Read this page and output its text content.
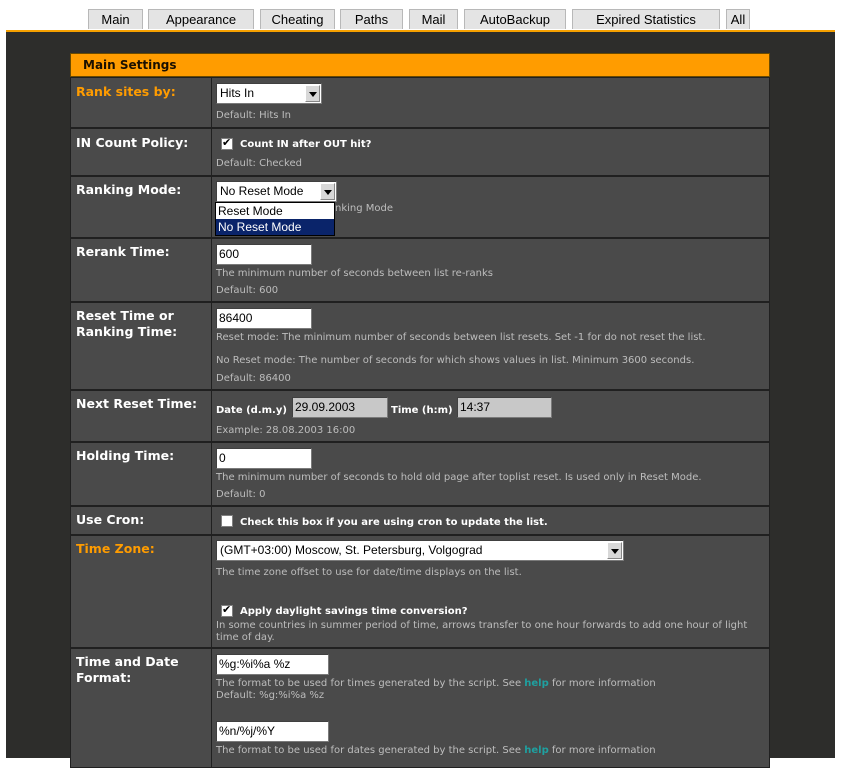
Main	Appearance	Cheating	Paths	Mail	AutoBackup	Expired Statistics	All
Main Settings
Rank sites by:	Hits In
Default: Hits In
IN Count Policy:
✔	Count IN after OUT hit?
Default: Checked
Ranking Mode:	No Reset Mode
nking Mode
Rerank Time:	600
The minimum number of seconds between list re-ranks
Default: 600
Reset Time or
Ranking Time:
86400
Reset mode: The minimum number of seconds between list resets. Set -1 for do not reset the list.
No Reset mode: The number of seconds for which shows values in list. Minimum 3600 seconds.
Default: 86400
Next Reset Time:	Date (d.m.y) 29.09.2003	Time (h:m) 14:37
Example: 28.08.2003 16:00
Holding Time:	0
The minimum number of seconds to hold old page after toplist reset. Is used only in Reset Mode.
Default: 0
Use Cron:	Check this box if you are using cron to update the list.
Time Zone:	(GMT+03:00) Moscow, St. Petersburg, Volgograd
The time zone offset to use for date/time displays on the list.
✔
Apply daylight savings time conversion?
In some countries in summer period of time, arrows transfer to one hour forwards to add one hour of light time of day.
Time and Date
Format:
%g:%i%a %z
The format to be used for times generated by the script. See help for more information
Default: %g:%i%a %z
%n/%j/%Y
The format to be used for dates generated by the script. See help for more information
Reset Mode
No Reset Mode
